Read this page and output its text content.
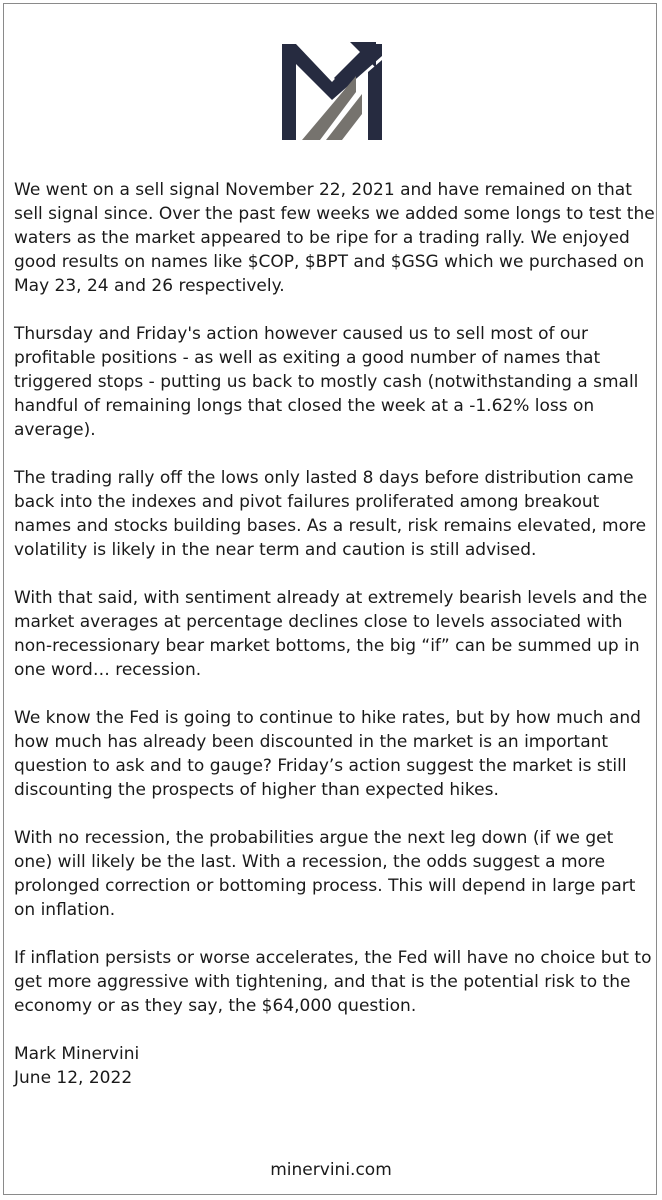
We went on a sell signal November 22, 2021 and have remained on that
sell signal since. Over the past few weeks we added some longs to test the
waters as the market appeared to be ripe for a trading rally. We enjoyed
good results on names like $COP, $BPT and $GSG which we purchased on
May 23, 24 and 26 respectively.

Thursday and Friday's action however caused us to sell most of our
profitable positions - as well as exiting a good number of names that
triggered stops - putting us back to mostly cash (notwithstanding a small
handful of remaining longs that closed the week at a -1.62% loss on
average).

The trading rally off the lows only lasted 8 days before distribution came
back into the indexes and pivot failures proliferated among breakout
names and stocks building bases. As a result, risk remains elevated, more
volatility is likely in the near term and caution is still advised.

With that said, with sentiment already at extremely bearish levels and the
market averages at percentage declines close to levels associated with
non-recessionary bear market bottoms, the big “if” can be summed up in
one word… recession.

We know the Fed is going to continue to hike rates, but by how much and
how much has already been discounted in the market is an important
question to ask and to gauge? Friday’s action suggest the market is still
discounting the prospects of higher than expected hikes.

With no recession, the probabilities argue the next leg down (if we get
one) will likely be the last. With a recession, the odds suggest a more
prolonged correction or bottoming process. This will depend in large part
on inflation.

If inflation persists or worse accelerates, the Fed will have no choice but to
get more aggressive with tightening, and that is the potential risk to the
economy or as they say, the $64,000 question.

Mark Minervini
June 12, 2022

minervini.com
